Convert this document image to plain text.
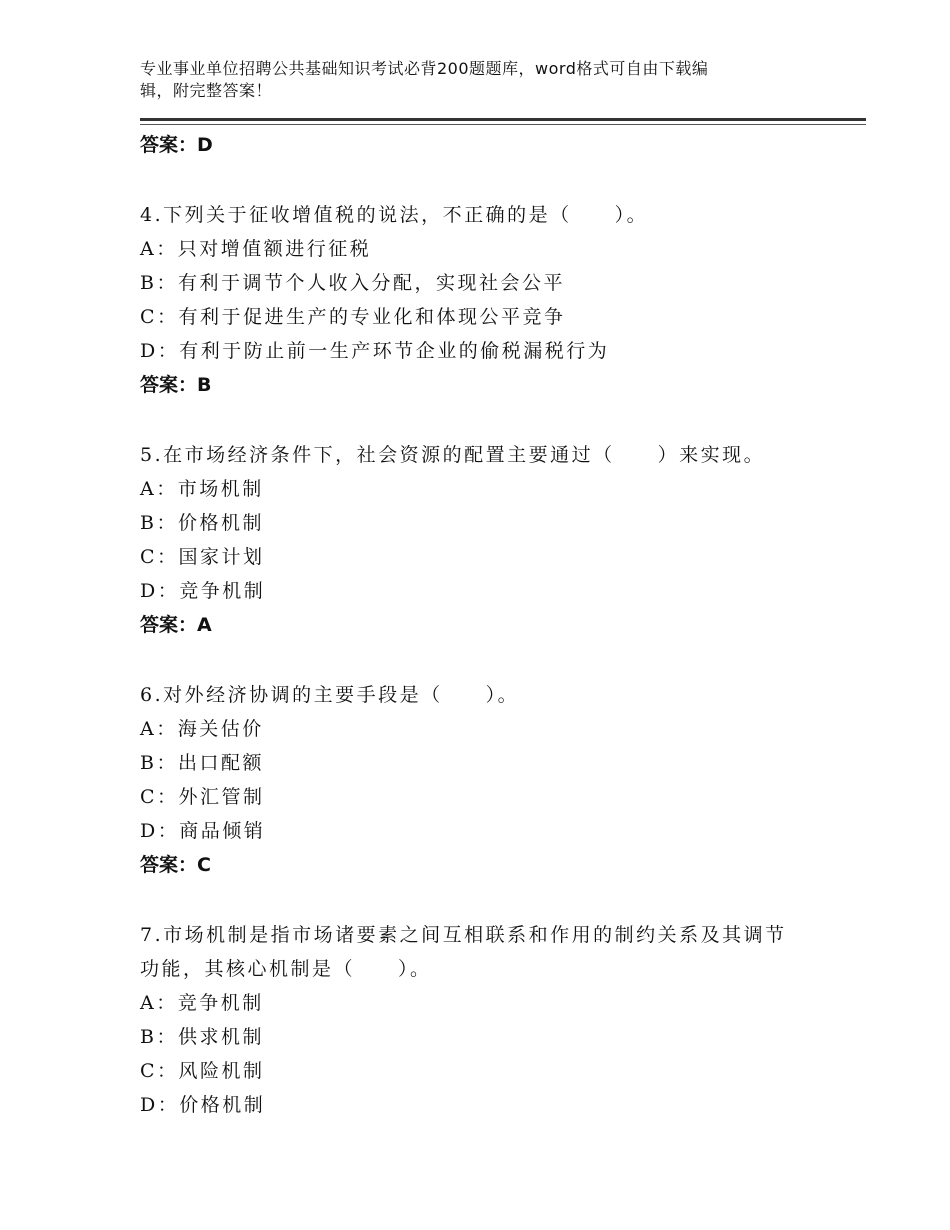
专业事业单位招聘公共基础知识考试必背200题题库，word格式可自由下载编
辑，附完整答案！
答案：D
4.下列关于征收增值税的说法，不正确的是（　　）。
A：只对增值额进行征税
B：有利于调节个人收入分配，实现社会公平
C：有利于促进生产的专业化和体现公平竞争
D：有利于防止前一生产环节企业的偷税漏税行为
答案：B
5.在市场经济条件下，社会资源的配置主要通过（　　）来实现。
A：市场机制
B：价格机制
C：国家计划
D：竞争机制
答案：A
6.对外经济协调的主要手段是（　　）。
A：海关估价
B：出口配额
C：外汇管制
D：商品倾销
答案：C
7.市场机制是指市场诸要素之间互相联系和作用的制约关系及其调节
功能，其核心机制是（　　）。
A：竞争机制
B：供求机制
C：风险机制
D：价格机制
